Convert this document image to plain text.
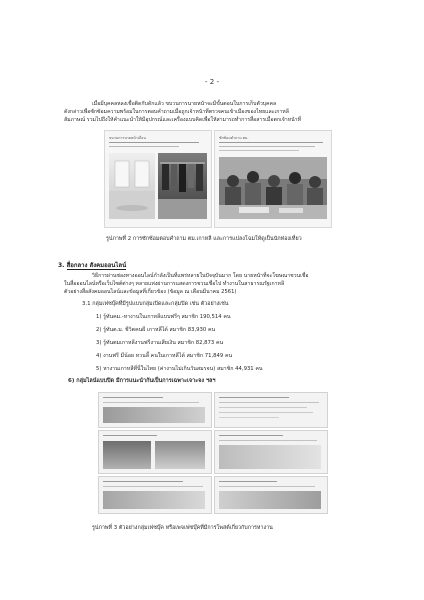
- 2 -
เมื่อมีบุคคลหลงเชื่อติดกับดักแล้ว ขบวนการนายหน้าจะมีขั้นตอนในการเก็บตัวบุคคล
ดังกล่าวเพื่อซักซ้อมความพร้อมในการตอบคำถามเมื่อถูกเจ้าหน้าที่ตรวจคนเข้าเมืองของไทยและเกาหลี
สัมภาษณ์ รวมไปถึงให้คำแนะนำให้มีอุปกรณ์และเครื่องแบบคิดเพื่อให้สามารถทำการสื่อสารเมื่อตกเจ้าหน้าที่
ขบวนการนายหน้าเถื่อน	ซักซ้อมคำถาม ตม.
รูปภาพที่ 2 การซักซ้อมตอบคำถาม ตม.เกาหลี และการแปลงโฉมให้ดูเป็นนักท่องเที่ยว
3. สื่อกลาง สังคมออนไลน์
วิธีการผ่านช่องทางออนไลน์กำลังเป็นที่แพร่หลายในปัจจุบันมาก โดย นายหน้าที่จะโฆษณาชวนเชื่อ
ในสื่อออนไลน์หรือเว็บไซต์ต่างๆ หลายแห่งผ่านการแสดงการชวนเชื่อไป ทำงานในสาธารณรัฐเกาหลี
ตัวอย่างสื่อสังคมออนไลน์และข้อมูลที่เกี่ยวข้อง (ข้อมูล ณ เดือนมีนาคม 2561)
3.1 กลุ่มเฟซบุ๊คที่มีรูปแบบกลุ่มเปิดและกลุ่มปิด เช่น ตัวอย่างเช่น
1) รู้ทันคม.-หางานในเกาหลีแบบฟรีๆ สมาชิก 190,514 คน
2) รู้ทันต.ม. ชีวิตคนผี เกาหลีได้ สมาชิก 83,930 คน
3) รู้ทันตมเกาหลีงานฟรีงานเสียเงิน สมาชิก 82,873 คน
4) งานฟรี มีน้อย หวนลี้ คนในเกาหลีได้ สมาชิก 71,849 คน
5) หางานเกาหลีที่นี่ในไทย (ค่างานไม่เกินวันสมรจน) สมาชิก 44,931 คน
6) กลุ่มไลน์แบบปิด มีการแนะนำกันเป็นการเฉพาะเจาะจง ฯลฯ
รูปภาพที่ 3 ตัวอย่างกลุ่มเฟซบุ๊ค หรือเพจเฟซบุ๊คที่มีการโพสต์เกี่ยวกับการหางาน
